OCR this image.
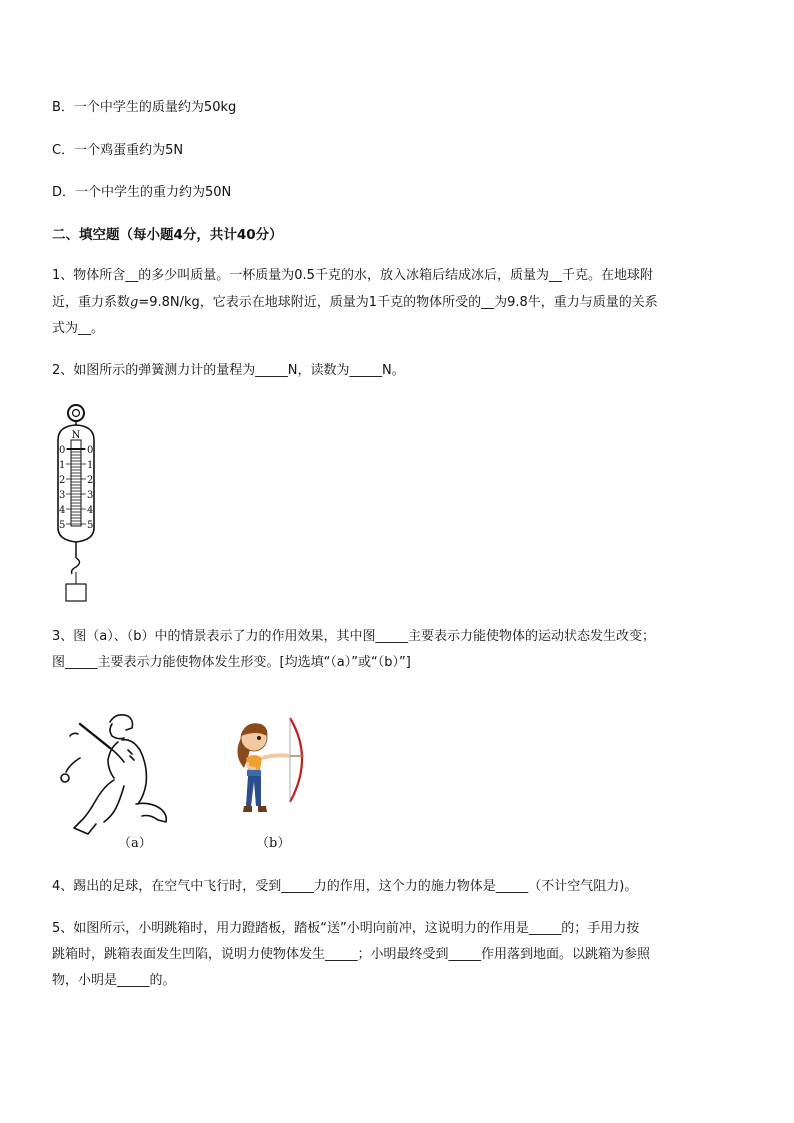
B．一个中学生的质量约为50kg
C．一个鸡蛋重约为5N
D．一个中学生的重力约为50N
二、填空题（每小题4分，共计40分）
1、物体所含__的多少叫质量。一杯质量为0.5千克的水，放入冰箱后结成冰后，质量为__千克。在地球附
近，重力系数g=9.8N/kg，它表示在地球附近，质量为1千克的物体所受的__为9.8牛，重力与质量的关系
式为__。
2、如图所示的弹簧测力计的量程为_____N，读数为_____N。
N
0
1
2
3
4
5
0
1
2
3
4
5
3、图（a）、（b）中的情景表示了力的作用效果，其中图_____主要表示力能使物体的运动状态发生改变；
图_____主要表示力能使物体发生形变。[均选填“（a）”或“（b）”]
（a）	（b）
4、踢出的足球，在空气中飞行时，受到_____力的作用，这个力的施力物体是_____（不计空气阻力)。
5、如图所示，小明跳箱时，用力蹬踏板，踏板“送”小明向前冲，这说明力的作用是_____的；手用力按
跳箱时，跳箱表面发生凹陷，说明力使物体发生_____；小明最终受到_____作用落到地面。以跳箱为参照
物，小明是_____的。
